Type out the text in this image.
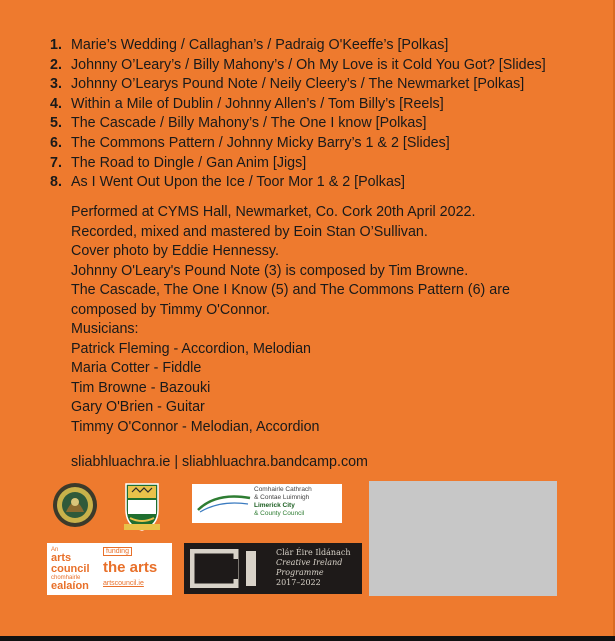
1. Marie’s Wedding / Callaghan’s / Padraig O'Keeffe’s [Polkas]
2. Johnny O’Leary’s / Billy Mahony’s / Oh My Love is it Cold You Got? [Slides]
3. Johnny O’Learys Pound Note / Neily Cleery’s / The Newmarket [Polkas]
4. Within a Mile of Dublin / Johnny Allen’s / Tom Billy’s [Reels]
5. The Cascade / Billy Mahony’s / The One I know [Polkas]
6. The Commons Pattern / Johnny Micky Barry’s 1 & 2 [Slides]
7. The Road to Dingle / Gan Anim [Jigs]
8. As I Went Out Upon the Ice / Toor Mor 1 & 2 [Polkas]
Performed at CYMS Hall, Newmarket, Co. Cork 20th April 2022.
Recorded, mixed and mastered by Eoin Stan O’Sullivan.
Cover photo by Eddie Hennessy.
Johnny O'Leary's Pound Note (3) is composed by Tim Browne.
The Cascade, The One I Know (5) and The Commons Pattern (6) are
composed by Timmy O'Connor.
Musicians:
Patrick Fleming - Accordion, Melodian
Maria Cotter - Fiddle
Tim Browne - Bazouki
Gary O'Brien - Guitar
Timmy O'Connor - Melodian, Accordion
sliabhluachra.ie | sliabhluachra.bandcamp.com
Comhairle Cathrach
& Contae Luimnigh
Limerick City
& County Council
An
arts
council
chomhairle
ealaíon
funding
the arts
artscouncil.ie
Clár Éire Ildánach
Creative Ireland
Programme
2017–2022
